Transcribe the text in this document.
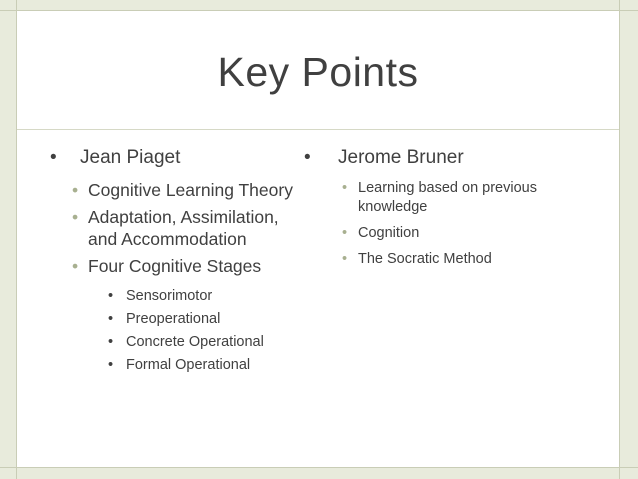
Key Points
• Jean Piaget
• Cognitive Learning Theory
• Adaptation, Assimilation, and Accommodation
• Four Cognitive Stages
• Sensorimotor
• Preoperational
• Concrete Operational
• Formal Operational
• Jerome Bruner
• Learning based on previous knowledge
• Cognition
• The Socratic Method
